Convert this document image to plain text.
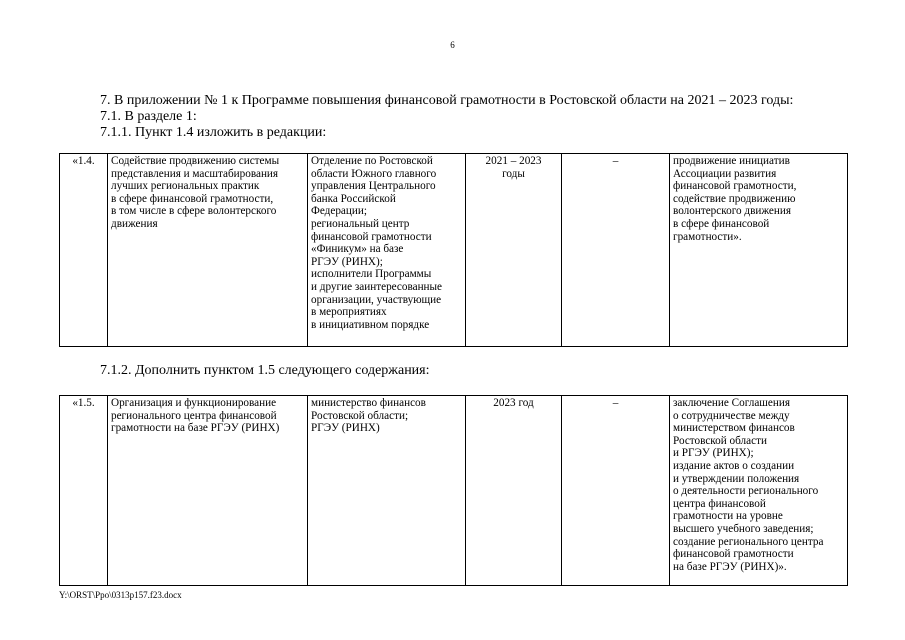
6
7. В приложении № 1 к Программе повышения финансовой грамотности в Ростовской области на 2021 – 2023 годы:
7.1. В разделе 1:
7.1.1. Пункт 1.4 изложить в редакции:
«1.4.	Содействие продвижению системы
представления и масштабирования
лучших региональных практик
в сфере финансовой грамотности,
в том числе в сфере волонтерского
движения	Отделение по Ростовской
области Южного главного
управления Центрального
банка Российской
Федерации;
региональный центр
финансовой грамотности
«Финикум» на базе
РГЭУ (РИНХ);
исполнители Программы
и другие заинтересованные
организации, участвующие
в мероприятиях
в инициативном порядке	2021 – 2023
годы	–	продвижение инициатив
Ассоциации развития
финансовой грамотности,
содействие продвижению
волонтерского движения
в сфере финансовой
грамотности».
7.1.2. Дополнить пунктом 1.5 следующего содержания:
«1.5.	Организация и функционирование
регионального центра финансовой
грамотности на базе РГЭУ (РИНХ)	министерство финансов
Ростовской области;
РГЭУ (РИНХ)	2023 год	–	заключение Соглашения
о сотрудничестве между
министерством финансов
Ростовской области
и РГЭУ (РИНХ);
издание актов о создании
и утверждении положения
о деятельности регионального
центра финансовой
грамотности на уровне
высшего учебного заведения;
создание регионального центра
финансовой грамотности
на базе РГЭУ (РИНХ)».
Y:\ORST\Ppo\0313p157.f23.docx
